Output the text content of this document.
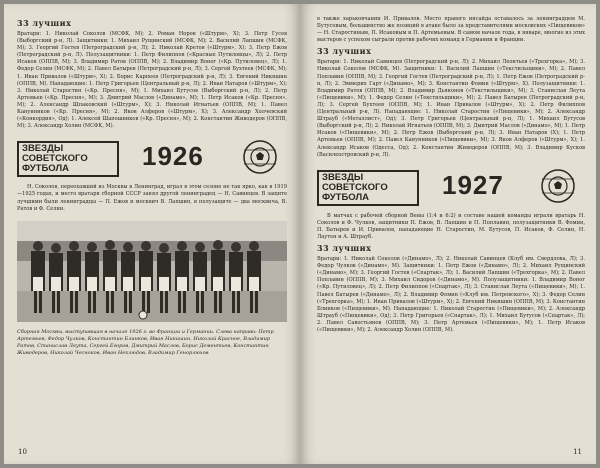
33 лучших

Вратари: 1. Николай Соколов (МСФК, М); 2. Роман Норов («Штурм», Х); 3. Петр Гусев (Выборгский р-н, Л). Защитники: 1. Михаил Рущинский (МСФК, М); 2. Василий Лапшин (МСФК, М); 3. Георгий Гостев (Петроградский р-н, Л); 2. Николай Кретов («Штурм», Х); 3. Петр Ежов (Петроградский р-н, Л). Полузащитники: 1. Петр Филиппов («Красные Путиловцы», Л); 2. Петр Исаков (ОППВ, М); 3. Владимир Ратов (ОППВ, М); 2. Владимир Воног («Кр. Путиловец», Л); 1. Федор Селин (МСФК, М); 2. Павел Батырев (Петроградский р-н, Л); 3. Сергей Бухтеев (МСФК, М); 1. Иван Привалов («Штурм», Х); 2. Борис Карпеев (Петроградский р-н, Л); 3. Евгений Никишин (ОППВ, М). Нападающие: 1. Петр Григорьев (Центральный р-н, Л); 2. Иван Натаров («Штурм», Х); 3. Николай Старостин («Кр. Пресня», М); 1. Михаил Бутусов (Выборгский р-н, Л); 2. Петр Артемьев («Кр. Пресня», М); 3. Дмитрий Маслов («Динамо», М); 1. Петр Исаков («Кр. Пресня», М); 2. Александр Шпаковский («Штурм», Х); 3. Николай Игнатьев (ОППВ, М); 1. Павел Канунников («Кр. Пресня», М); 2. Яков Алферов («Штурм», Х); 3. Александр Холчевский («Конкордия», Од); 1. Алексей Шапошников («Кр. Пресня», М); 2. Константин Живодеров (ОППВ, М); 3. Александр Холин (МСФК, М).

ЗВЕЗДЫ СОВЕТСКОГО ФУТБОЛА	1926

Н. Соколов, переехавший из Москвы в Ленинград, играл в этом сезоне не так ярко, как в 1919—1925 годах, и место вратаря сборной СССР занял другой ленинградец — Н. Савинцев. В защите лучшими были ленинградцы — П. Ежов и москвич В. Лапшин, в полузащите — два москвича, В. Ратов и Ф. Селин.

Сборная Москвы, выступавшая в начале 1926 г. во Франции и Германии. Слева направо: Петр Артемьев, Федор Чулков, Константин Блинков, Иван Никишин, Николай Красное, Владимир Ратов, Станислав Леута, Сергей Егоров, Дмитрий Маслов, Борис Дементьев, Константин Живодеров, Николай Чесноков, Иван Неклюдов, Владимир Генорлюхов

10

в также харьковчанин И. Привалов. Место правого инсайда оставалось за ленинградцем М. Бутусовым, большинство же позиций в атаке было за представителями московских «Пищевиков» — Н. Старостиным, П. Исаковым и П. Артемьевым. В самом начале года, в январе, многие из этих мастеров с успехом сыграли против рабочих команд в Германии и Франции.

33 лучших

Вратари: 1. Николай Савинцев (Петроградский р-н, Л); 2. Михаил Леонтьев («Трехгорка», М); 3. Николай Соколов (МСФК, М). Защитники: 1. Василий Лапшин («Текстильщики», М); 2. Павел Поплавин (ОППВ, М); 3. Георгий Гостев (Петроградский р-н, Л); 1. Петр Ежов (Петроградский р-н, Л); 2. Эммерих Гарт («Динамо», М); 3. Константин Фомин («Штурм», Х). Полузащитники: 1. Владимир Ратов (ОППВ, М); 2. Владимир Дьяконов («Текстильщики», М); 3. Станислав Леута («Пищевики», М); 1. Федор Селин («Текстильщики», М); 2. Павел Батырев (Петроградский р-н, Л); 3. Сергей Бухтеев (ОППВ, М); 1. Иван Привалов («Штурм», Х); 2. Петр Филиппов (Центральный р-н, Л). Нападающие: 1. Николай Старостин («Пищевики», М); 2. Александр Штрауб («Металлист», Од); 3. Петр Григорьев (Центральный р-н, Л); 1. Михаил Бутусов (Выборгский р-н, Л); 2. Николай Игнатьев (ОППВ, М); 3. Дмитрий Маслов («Динамо», М); 1. Петр Исаков («Пищевики», М); 2. Петр Ежов (Выборгский р-н, Л); 3. Иван Натаров (Х); 1. Петр Артемьев (ОППВ, М); 2. Павел Канунников («Пищевики», М); 3. Яков Алферов («Штурм», Х); 1. Александр Исаков (Одесса, Од); 2. Константин Живодеров (ОППВ, М); 3. Владимир Кусков (Василеостровский р-н, Л).

ЗВЕЗДЫ СОВЕТСКОГО ФУТБОЛА	1927

В матчах с рабочей сборной Вены (1:4 и 6:2) и составе нашей команды играли вратарь Н. Соколов и Ф. Чулков, защитники П. Ежов, В. Лапшин и П. Поплавин, полузащитники В. Фомин, П. Батырев и И. Привалов, нападающие Н. Старостин, М. Бутусов, П. Исаков, Ф. Селин, Н. Лаутен и А. Штрауб.

33 лучших

Вратари: 1. Николай Соколов («Динамо», Л); 2. Николай Савинцев (Клуб им. Свердлова, Л); 3. Федор Чулков («Динамо», М). Защитники: 1. Петр Ежов («Динамо», Л); 2. Михаил Рущинский («Динамо», М); 3. Георгий Гостев («Спартак», Л); 1. Василий Лапшин («Трехгорка», М); 2. Павел Поплавин (ОППВ, М); 3. Михаил Сидоров («Динамо», М). Полузащитники: 1. Владимир Воног («Кр. Путиловец», Л); 2. Петр Филиппов («Спартак», Л); 3. Станислав Леута («Пищевики», М); 1. Павел Батырев («Динамо», Л); 2. Владимир Фомин («Клуб им. Петровского», Х); 3. Федор Селин («Трехгорка», М); 1. Иван Привалов («Штурм», Х); 2. Евгений Никишин (ОППВ, М); 3. Константин Блинков («Пищевики», М). Нападающие: 1. Николай Старостин («Пищевики», М); 2. Александр Штрауб («Пищевики», Од); 3. Петр Григорьев («Спартак», Л); 1. Михаил Бутусов («Спартак», Л); 2. Павел Савостьянов (ОППВ, М); 3. Петр Артемьев («Пищевики», М); 1. Петр Исаков («Пищевики», М); 2. Александр Холин (ОППВ, М).

11
